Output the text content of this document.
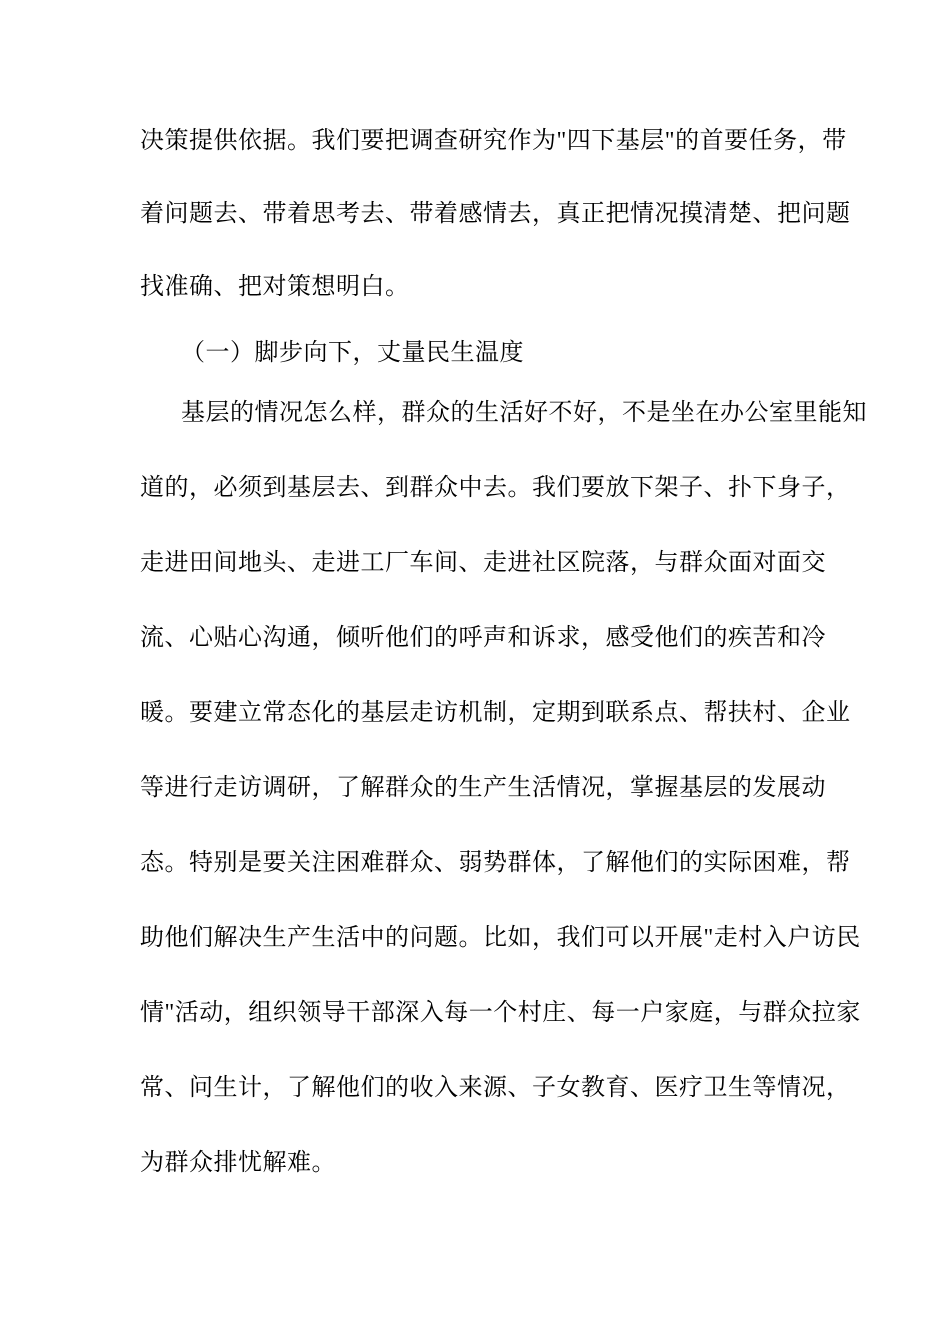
决策提供依据。我们要把调查研究作为"四下基层"的首要任务，带
着问题去、带着思考去、带着感情去，真正把情况摸清楚、把问题
找准确、把对策想明白。
（一）脚步向下，丈量民生温度
基层的情况怎么样，群众的生活好不好，不是坐在办公室里能知
道的，必须到基层去、到群众中去。我们要放下架子、扑下身子，
走进田间地头、走进工厂车间、走进社区院落，与群众面对面交
流、心贴心沟通，倾听他们的呼声和诉求，感受他们的疾苦和冷
暖。要建立常态化的基层走访机制，定期到联系点、帮扶村、企业
等进行走访调研，了解群众的生产生活情况，掌握基层的发展动
态。特别是要关注困难群众、弱势群体，了解他们的实际困难，帮
助他们解决生产生活中的问题。比如，我们可以开展"走村入户访民
情"活动，组织领导干部深入每一个村庄、每一户家庭，与群众拉家
常、问生计，了解他们的收入来源、子女教育、医疗卫生等情况，
为群众排忧解难。
